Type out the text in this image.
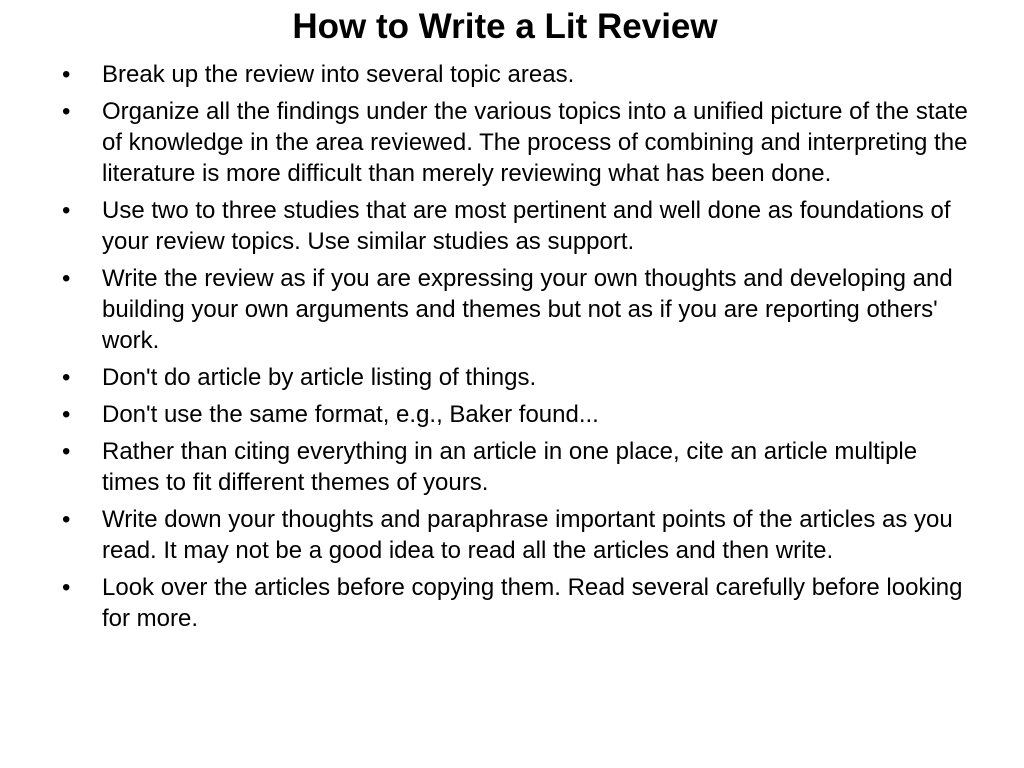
How to Write a Lit Review
•	Break up the review into several topic areas.
•	Organize all the findings under the various topics into a unified picture of the state of knowledge in the area reviewed. The process of combining and interpreting the literature is more difficult than merely reviewing what has been done.
•	Use two to three studies that are most pertinent and well done as foundations of your review topics. Use similar studies as support.
•	Write the review as if you are expressing your own thoughts and developing and building your own arguments and themes but not as if you are reporting others' work.
•	Don't do article by article listing of things.
•	Don't use the same format, e.g., Baker found...
•	Rather than citing everything in an article in one place, cite an article multiple times to fit different themes of yours.
•	Write down your thoughts and paraphrase important points of the articles as you read. It may not be a good idea to read all the articles and then write.
•	Look over the articles before copying them. Read several carefully before looking for more.
